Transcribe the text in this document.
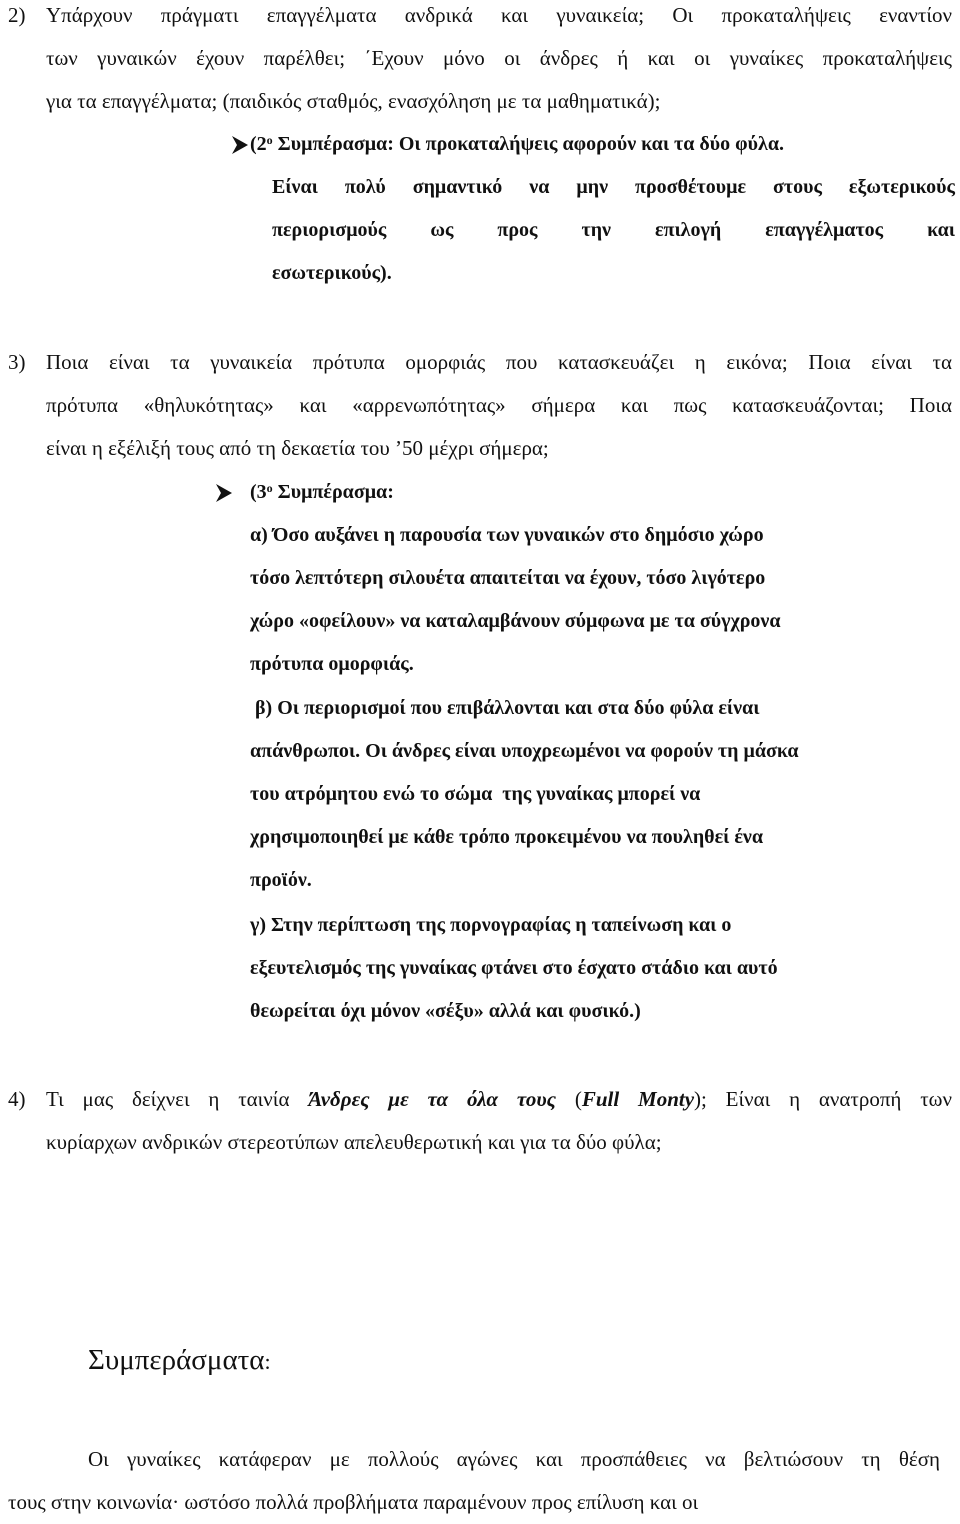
2) Υπάρχουν πράγματι επαγγέλματα ανδρικά και γυναικεία; Οι προκαταλήψεις εναντίον
των γυναικών έχουν παρέλθει; ΄Εχουν μόνο οι άνδρες ή και οι γυναίκες προκαταλήψεις
για τα επαγγέλματα; (παιδικός σταθμός, ενασχόληση με τα μαθηματικά);
($2^o$ Συμπέρασμα: Οι προκαταλήψεις αφορούν και τα δύο φύλα.
Είναι πολύ σημαντικό να μην προσθέτουμε στους εξωτερικούς
περιορισμούς ως προς την επιλογή επαγγέλματος και
εσωτερικούς).
3) Ποια είναι τα γυναικεία πρότυπα ομορφιάς που κατασκευάζει η εικόνα; Ποια είναι τα
πρότυπα «θηλυκότητας» και «αρρενωπότητας» σήμερα και πως κατασκευάζονται; Ποια
είναι η εξέλιξή τους από τη δεκαετία του ’50 μέχρι σήμερα;
($3^o$ Συμπέρασμα:
α) Όσο αυξάνει η παρουσία των γυναικών στο δημόσιο χώρο
τόσο λεπτότερη σιλουέτα απαιτείται να έχουν, τόσο λιγότερο
χώρο «οφείλουν» να καταλαμβάνουν σύμφωνα με τα σύγχρονα
πρότυπα ομορφιάς.
β) Οι περιορισμοί που επιβάλλονται και στα δύο φύλα είναι
απάνθρωποι. Οι άνδρες είναι υποχρεωμένοι να φορούν τη μάσκα
του ατρόμητου ενώ το σώμα  της γυναίκας μπορεί να
χρησιμοποιηθεί με κάθε τρόπο προκειμένου να πουληθεί ένα
προϊόν.
γ) Στην περίπτωση της πορνογραφίας η ταπείνωση και ο
εξευτελισμός της γυναίκας φτάνει στο έσχατο στάδιο και αυτό
θεωρείται όχι μόνον «σέξυ» αλλά και φυσικό.)
4) Τι μας δείχνει η ταινία Άνδρες με τα όλα τους (Full Monty); Είναι η ανατροπή των
κυρίαρχων ανδρικών στερεοτύπων απελευθερωτική και για τα δύο φύλα;
Συμπεράσματα:
Οι γυναίκες κατάφεραν με πολλούς αγώνες και προσπάθειες να βελτιώσουν τη θέση
τους στην κοινωνία· ωστόσο πολλά προβλήματα παραμένουν προς επίλυση και οι
